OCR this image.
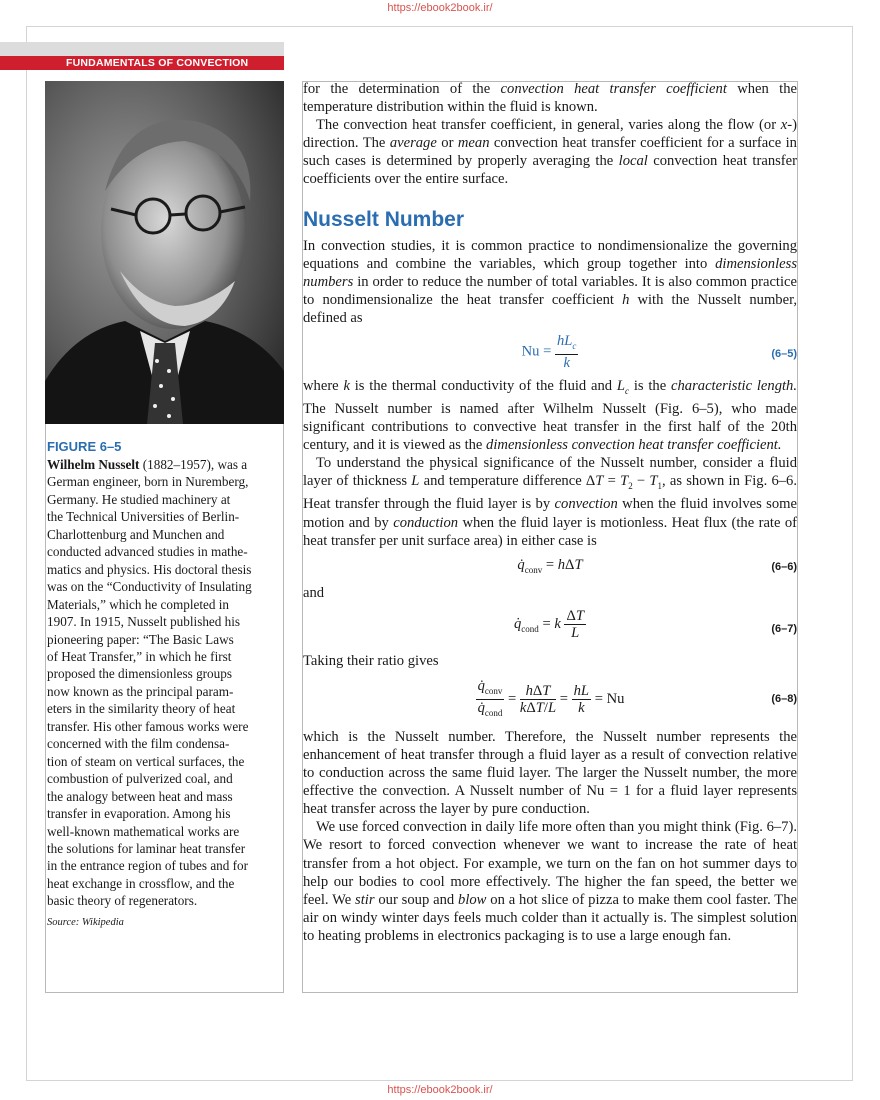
https://ebook2book.ir/
FUNDAMENTALS OF CONVECTION
FIGURE 6–5
Wilhelm Nusselt (1882–1957), was a
German engineer, born in Nuremberg,
Germany. He studied machinery at
the Technical Universities of Berlin-
Charlottenburg and Munchen and
conducted advanced studies in mathe-
matics and physics. His doctoral thesis
was on the “Conductivity of Insulating
Materials,” which he completed in
1907. In 1915, Nusselt published his
pioneering paper: “The Basic Laws
of Heat Transfer,” in which he first
proposed the dimensionless groups
now known as the principal param-
eters in the similarity theory of heat
transfer. His other famous works were
concerned with the film condensa-
tion of steam on vertical surfaces, the
combustion of pulverized coal, and
the analogy between heat and mass
transfer in evaporation. Among his
well-known mathematical works are
the solutions for laminar heat transfer
in the entrance region of tubes and for
heat exchange in crossflow, and the
basic theory of regenerators.
Source: Wikipedia

for the determination of the convection heat transfer coefficient when the temperature distribution within the fluid is known.

The convection heat transfer coefficient, in general, varies along the flow (or x-) direction. The average or mean convection heat transfer coefficient for a surface in such cases is determined by properly averaging the local convection heat transfer coefficients over the entire surface.

Nusselt Number

In convection studies, it is common practice to nondimensionalize the governing equations and combine the variables, which group together into dimensionless numbers in order to reduce the number of total variables. It is also common practice to nondimensionalize the heat transfer coefficient h with the Nusselt number, defined as

$Nu = \frac{hL_c}{k}$	(6–5)

where k is the thermal conductivity of the fluid and $L_c$ is the characteristic length. The Nusselt number is named after Wilhelm Nusselt (Fig. 6–5), who made significant contributions to convective heat transfer in the first half of the 20th century, and it is viewed as the dimensionless convection heat transfer coefficient.

To understand the physical significance of the Nusselt number, consider a fluid layer of thickness L and temperature difference $\Delta T = T_2 - T_1$, as shown in Fig. 6–6. Heat transfer through the fluid layer is by convection when the fluid involves some motion and by conduction when the fluid layer is motionless. Heat flux (the rate of heat transfer per unit surface area) in either case is

$q̇_{conv} = h\Delta T$	(6–6)

and

$q̇_{cond} = k \frac{\Delta T}{L}$	(6–7)

Taking their ratio gives

$\frac{q̇_{conv}}{q̇_{cond}} = \frac{\text{hΔT}}{\text{kΔT/L}} = \frac{hL}{k} = Nu$	(6–8)

which is the Nusselt number. Therefore, the Nusselt number represents the enhancement of heat transfer through a fluid layer as a result of convection relative to conduction across the same fluid layer. The larger the Nusselt number, the more effective the convection. A Nusselt number of Nu = 1 for a fluid layer represents heat transfer across the layer by pure conduction.

We use forced convection in daily life more often than you might think (Fig. 6–7). We resort to forced convection whenever we want to increase the rate of heat transfer from a hot object. For example, we turn on the fan on hot summer days to help our bodies to cool more effectively. The higher the fan speed, the better we feel. We stir our soup and blow on a hot slice of pizza to make them cool faster. The air on windy winter days feels much colder than it actually is. The simplest solution to heating problems in electronics packaging is to use a large enough fan.

https://ebook2book.ir/
